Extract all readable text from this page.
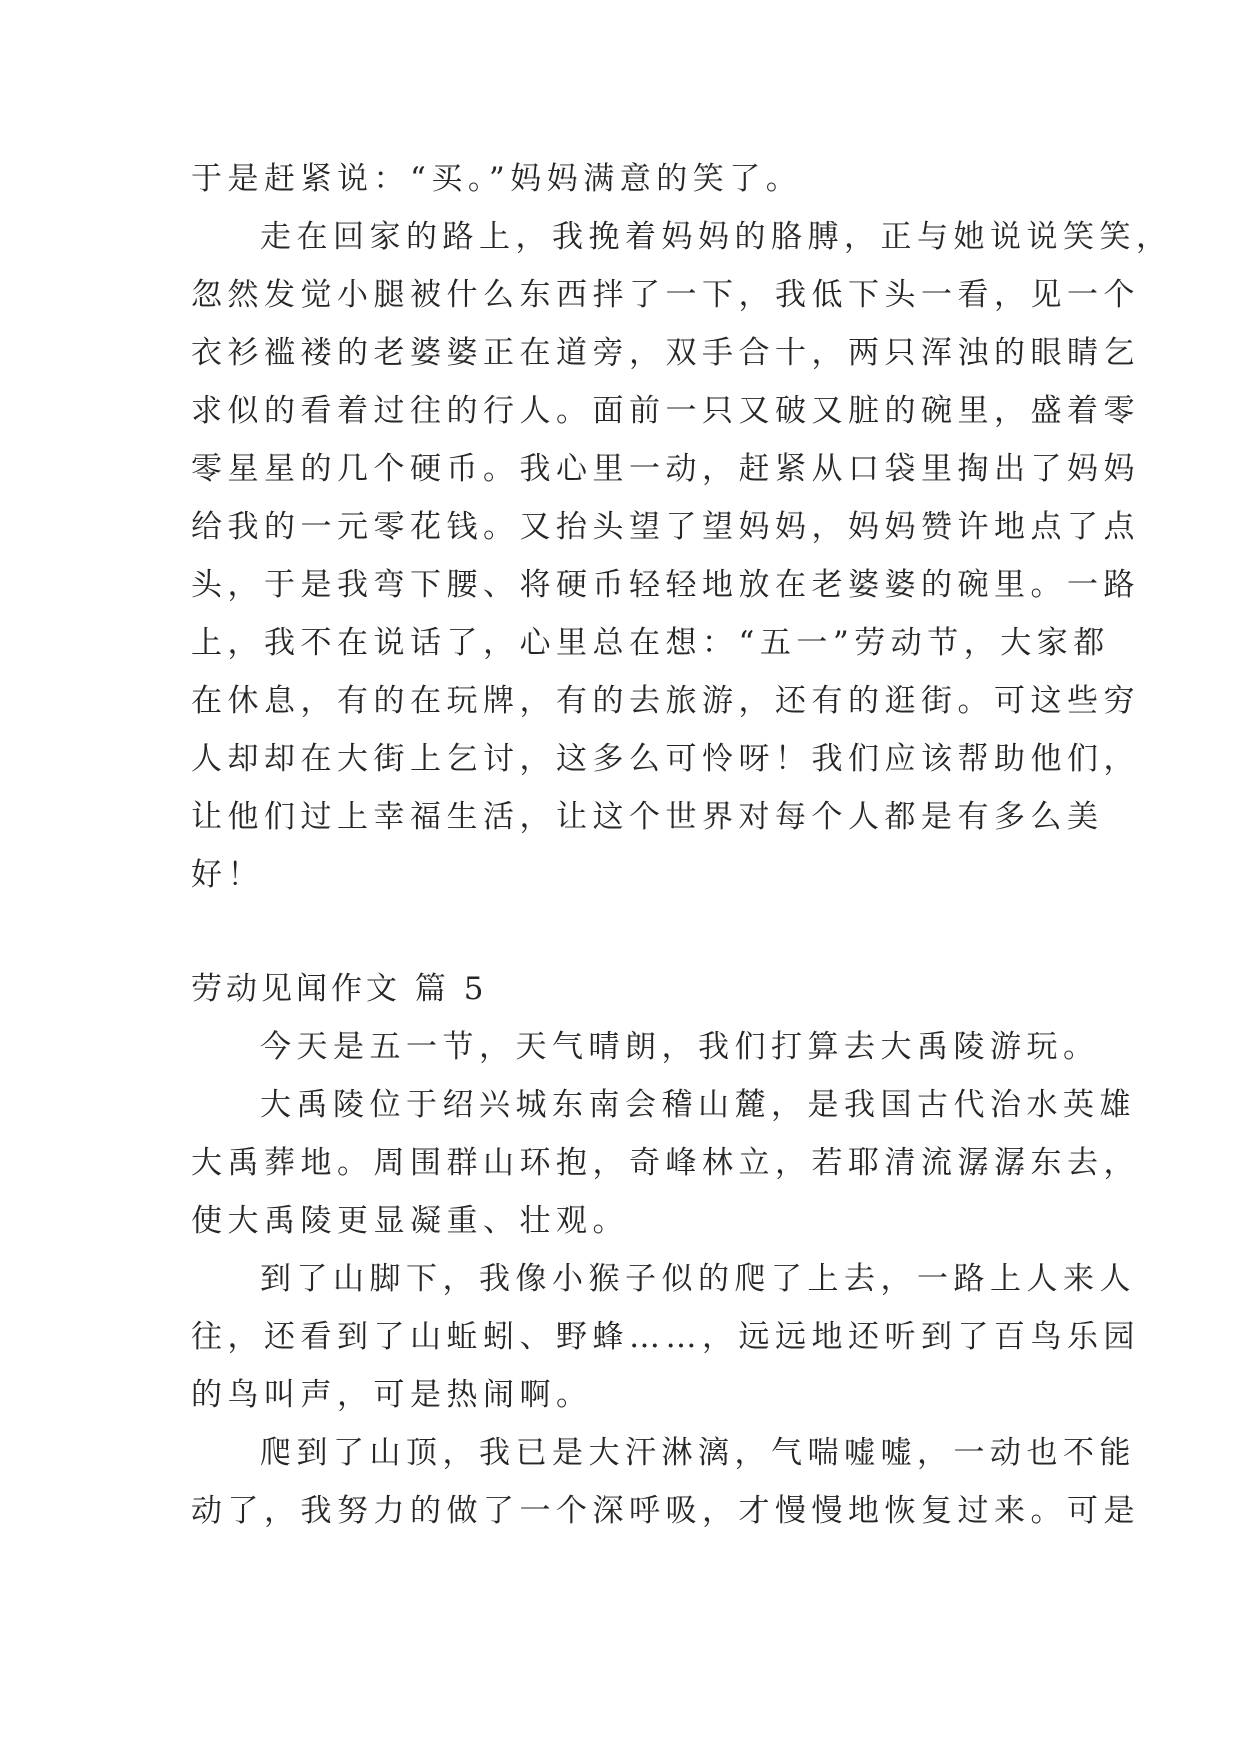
于是赶紧说：“买。”妈妈满意的笑了。

走在回家的路上，我挽着妈妈的胳膊，正与她说说笑笑，

忽然发觉小腿被什么东西拌了一下，我低下头一看，见一个

衣衫褴褛的老婆婆正在道旁，双手合十，两只浑浊的眼睛乞

求似的看着过往的行人。面前一只又破又脏的碗里，盛着零

零星星的几个硬币。我心里一动，赶紧从口袋里掏出了妈妈

给我的一元零花钱。又抬头望了望妈妈，妈妈赞许地点了点

头，于是我弯下腰、将硬币轻轻地放在老婆婆的碗里。一路

上，我不在说话了，心里总在想：“五一”劳动节，大家都

在休息，有的在玩牌，有的去旅游，还有的逛街。可这些穷

人却却在大街上乞讨，这多么可怜呀！我们应该帮助他们，

让他们过上幸福生活，让这个世界对每个人都是有多么美

好！

劳动见闻作文 篇 5

今天是五一节，天气晴朗，我们打算去大禹陵游玩。

大禹陵位于绍兴城东南会稽山麓，是我国古代治水英雄

大禹葬地。周围群山环抱，奇峰林立，若耶清流潺潺东去，

使大禹陵更显凝重、壮观。

到了山脚下，我像小猴子似的爬了上去，一路上人来人

往，还看到了山蚯蚓、野蜂……，远远地还听到了百鸟乐园

的鸟叫声，可是热闹啊。

爬到了山顶，我已是大汗淋漓，气喘嘘嘘，一动也不能

动了，我努力的做了一个深呼吸，才慢慢地恢复过来。可是
